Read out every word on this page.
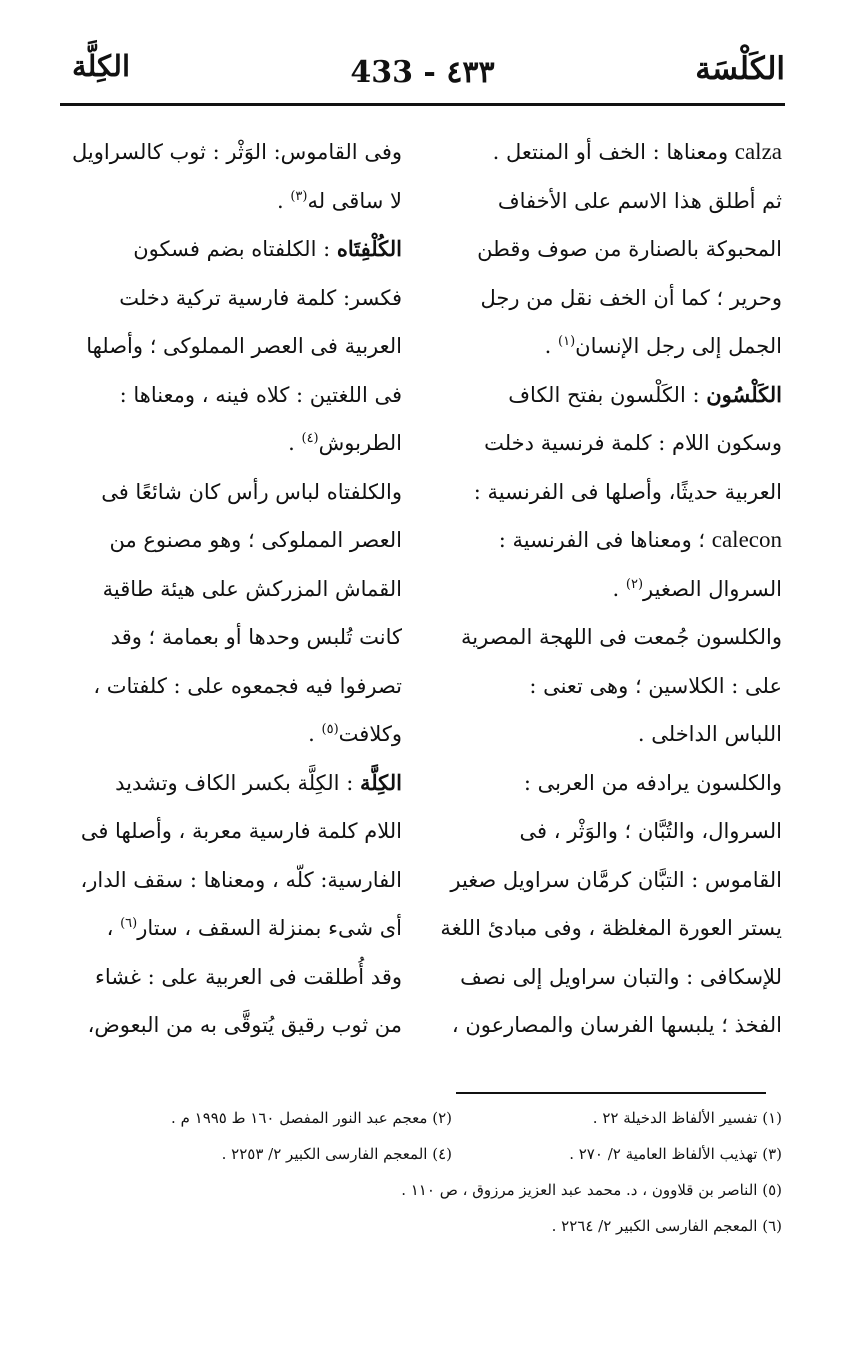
الكَلْسَة
433 - ٤٣٣
الكِلَّة
calza ومعناها : الخف أو المنتعل .
ثم أطلق هذا الاسم على الأخفاف
المحبوكة بالصنارة من صوف وقطن
وحرير ؛ كما أن الخف نقل من رجل
الجمل إلى رجل الإنسان$^{(١)}$ .
الكَلْسُون : الكَلْسون بفتح الكاف
وسكون اللام : كلمة فرنسية دخلت
العربية حديثًا، وأصلها فى الفرنسية :
calecon ؛ ومعناها فى الفرنسية :
السروال الصغير$^{(٢)}$ .
والكلسون جُمعت فى اللهجة المصرية
على : الكلاسين ؛ وهى تعنى :
اللباس الداخلى .
والكلسون يرادفه من العربى :
السروال، والتُبَّان ؛ والوَثْر ، فى
القاموس : التبَّان كرمَّان سراويل صغير
يستر العورة المغلظة ، وفى مبادئ اللغة
للإسكافى : والتبان سراويل إلى نصف
الفخذ ؛ يلبسها الفرسان والمصارعون ،
وفى القاموس: الوَثْر : ثوب كالسراويل
لا ساقى له$^{(٣)}$ .
الكُلْفِتَاه : الكلفتاه بضم فسكون
فكسر: كلمة فارسية تركية دخلت
العربية فى العصر المملوكى ؛ وأصلها
فى اللغتين : كلاه فينه ، ومعناها :
الطربوش$^{(٤)}$ .
والكلفتاه لباس رأس كان شائعًا فى
العصر المملوكى ؛ وهو مصنوع من
القماش المزركش على هيئة طاقية
كانت تُلبس وحدها أو بعمامة ؛ وقد
تصرفوا فيه فجمعوه على : كلفتات ،
وكلافت$^{(٥)}$ .
الكِلَّة : الكِلَّة بكسر الكاف وتشديد
اللام كلمة فارسية معربة ، وأصلها فى
الفارسية: كلّه ، ومعناها : سقف الدار،
أى شىء بمنزلة السقف ، ستار$^{(٦)}$ ،
وقد أُطلقت فى العربية على : غشاء
من ثوب رقيق يُتوقَّى به من البعوض،
(١) تفسير الألفاظ الدخيلة ٢٢ .
(٢) معجم عبد النور المفصل ١٦٠ ط ١٩٩٥ م .
(٣) تهذيب الألفاظ العامية ٢/ ٢٧٠ .
(٤) المعجم الفارسى الكبير ٢/ ٢٢٥٣ .
(٥) الناصر بن قلاوون ، د. محمد عبد العزيز مرزوق ، ص ١١٠ .
(٦) المعجم الفارسى الكبير ٢/ ٢٢٦٤ .
